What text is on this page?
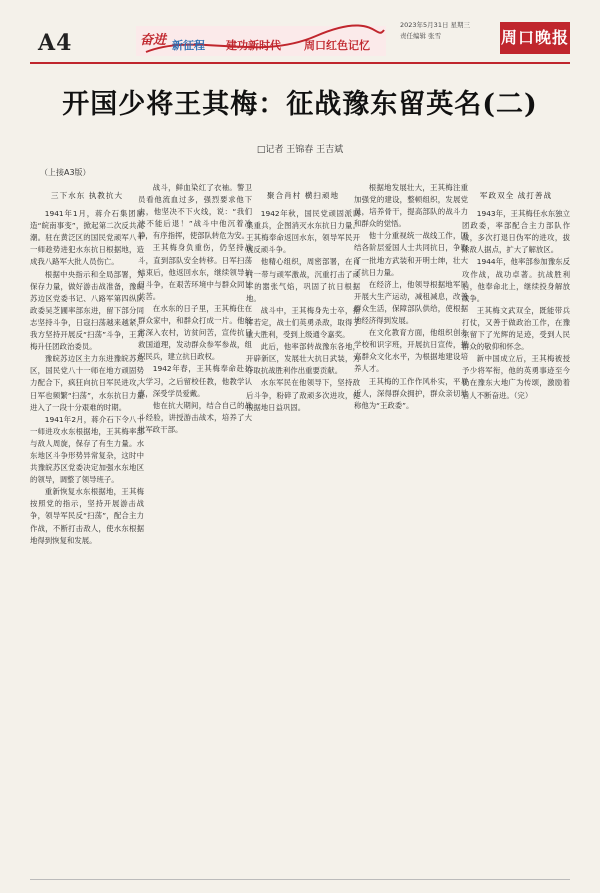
A4	奋进 新征程 建功新时代 周口红色记忆
2023年5月31日 星期三
责任编辑 张雪	周口晚报
开国少将王其梅：征战豫东留英名(二)
□记者 王锦春 王吉斌
（上接A3版）
三下水东 执教抗大

1941年1月，蒋介石集团制造“皖南事变”，掀起第二次反共高潮。驻在黄泛区的国民党顽军八十一师趁势进犯水东抗日根据地，造成我八路军大批人员伤亡。

根据中央指示和全局部署，为保存力量，做好游击战准备，豫皖苏边区党委书记、八路军第四纵队政委吴芝圃率部东进，留下部分同志坚持斗争，日寇扫荡越来越紧，我方坚持开展反“扫荡”斗争，王其梅升任团政治委员。

豫皖苏边区主力东进豫皖苏边区，国民党八十一师在地方顽固势力配合下，疯狂向抗日军民进攻，日军也频繁“扫荡”，水东抗日力量进入了一段十分艰难的时期。

1941年2月，蒋介石下令八十一师进攻水东根据地，王其梅率部与敌人周旋，保存了有生力量。水东地区斗争形势异常复杂，这时中共豫皖苏区党委决定加强水东地区的领导，调整了领导班子。

重新恢复水东根据地，王其梅按照党的指示，坚持开展游击战争，领导军民反“扫荡”，配合主力作战，不断打击敌人，使水东根据地得到恢复和发展。

战斗，鲜血染红了衣袖。警卫员看他流血过多，强烈要求他下去，他坚决不下火线，说：“我们决不能后退！”战斗中他沉着冷静，有序指挥，使部队转危为安。

王其梅身负重伤，仍坚持战斗，直到部队安全转移。日军扫荡结束后，他返回水东，继续领导抗日斗争，在艰苦环境中与群众同甘共苦。

在水东的日子里，王其梅住在群众家中，和群众打成一片。他经常深入农村，访贫问苦，宣传抗日救国道理，发动群众参军参战，组织民兵，建立抗日政权。

1942年春，王其梅奉命赴抗大学习，之后留校任教，他教学认真，深受学员爱戴。

他在抗大期间，结合自己的战斗经验，讲授游击战术，培养了大批军政干部。

聚合肖村 横扫顽地

1942年秋，国民党顽固派调集重兵，企图消灭水东抗日力量。王其梅奉命返回水东，领导军民开展反顽斗争。

他精心组织，周密部署，在肖村一带与顽军激战，沉重打击了顽军的嚣张气焰，巩固了抗日根据地。

战斗中，王其梅身先士卒，指挥若定，战士们英勇杀敌，取得了重大胜利，受到上级通令嘉奖。

此后，他率部转战豫东各地，开辟新区，发展壮大抗日武装，为夺取抗战胜利作出重要贡献。

水东军民在他领导下，坚持敌后斗争，粉碎了敌顽多次进攻，使根据地日益巩固。

根据地发展壮大，王其梅注重加强党的建设，整顿组织，发展党员，培养骨干，提高部队的战斗力和群众的觉悟。

他十分重视统一战线工作，团结各阶层爱国人士共同抗日，争取了一批地方武装和开明士绅，壮大了抗日力量。

在经济上，他领导根据地军民开展大生产运动，减租减息，改善群众生活，保障部队供给，使根据地经济得到发展。

在文化教育方面，他组织创办学校和识字班，开展抗日宣传，提高群众文化水平，为根据地建设培养人才。

王其梅的工作作风朴实，平易近人，深得群众拥护，群众亲切地称他为“王政委”。

军政双全 战打善战

1943年，王其梅任水东独立团政委，率部配合主力部队作战，多次打退日伪军的进攻，拔除敌人据点，扩大了解放区。

1944年，他率部参加豫东反攻作战，战功卓著。抗战胜利后，他奉命北上，继续投身解放战争。

王其梅文武双全，既能带兵打仗，又善于做政治工作，在豫东留下了光辉的足迹，受到人民群众的敬仰和怀念。

新中国成立后，王其梅被授予少将军衔，他的英勇事迹至今仍在豫东大地广为传颂，激励着后人不断奋进。（完）
